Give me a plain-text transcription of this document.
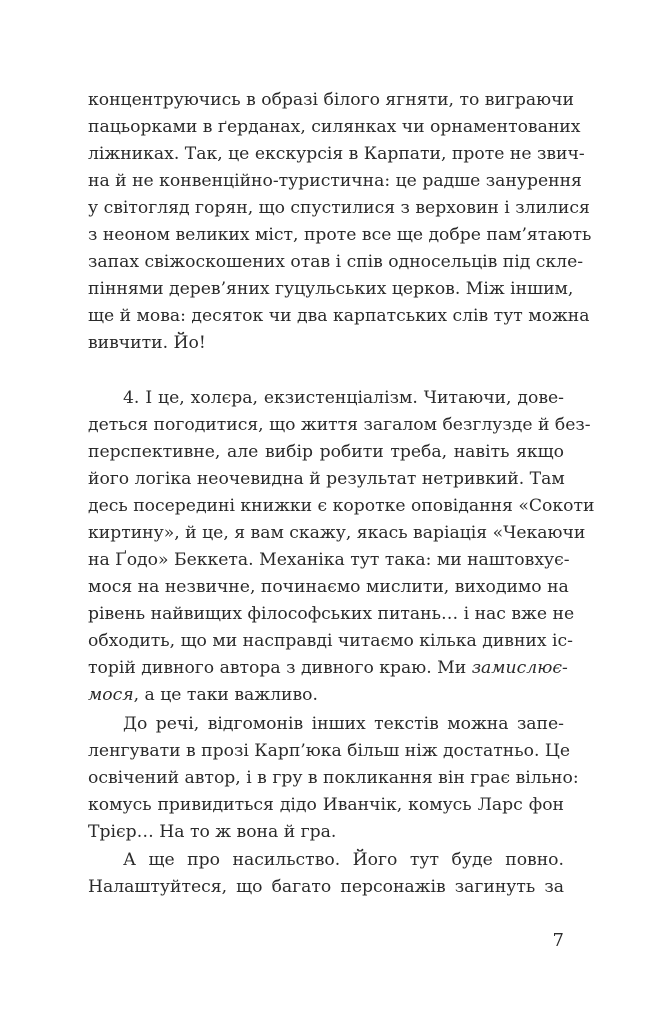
концентруючись в образі білого ягняти, то виграючи
пацьорками в ґерданах, силянках чи орнаментованих
ліжниках. Так, це екскурсія в Карпати, проте не звич-
на й не конвенційно-туристична: це радше занурення
у світогляд горян, що спустилися з верховин і злилися
з неоном великих міст, проте все ще добре пам’ятають
запах свіжоскошених отав і спів односельців під скле-
піннями дерев’яних гуцульських церков. Між іншим,
ще й мова: десяток чи два карпатських слів тут можна
вивчити. Йо!
4. І це, холєра, екзистенціалізм. Читаючи, дове-
деться погодитися, що життя загалом безглузде й без-
перспективне, але вибір робити треба, навіть якщо
його логіка неочевидна й результат нетривкий. Там
десь посередині книжки є коротке оповідання «Сокоти
киртину», й це, я вам скажу, якась варіація «Чекаючи
на Ґодо» Беккета. Механіка тут така: ми наштовхує-
мося на незвичне, починаємо мислити, виходимо на
рівень найвищих філософських питань… і нас вже не
обходить, що ми насправді читаємо кілька дивних іс-
торій дивного автора з дивного краю. Ми замислює-
мося, а це таки важливо.
До речі, відгомонів інших текстів можна запе-
ленгувати в прозі Карп’юка більш ніж достатньо. Це
освічений автор, і в гру в покликання він грає вільно:
комусь привидиться дідо Иванчік, комусь Ларс фон
Трієр… На то ж вона й гра.
А ще про насильство. Його тут буде повно.
Налаштуйтеся, що багато персонажів загинуть за
7
